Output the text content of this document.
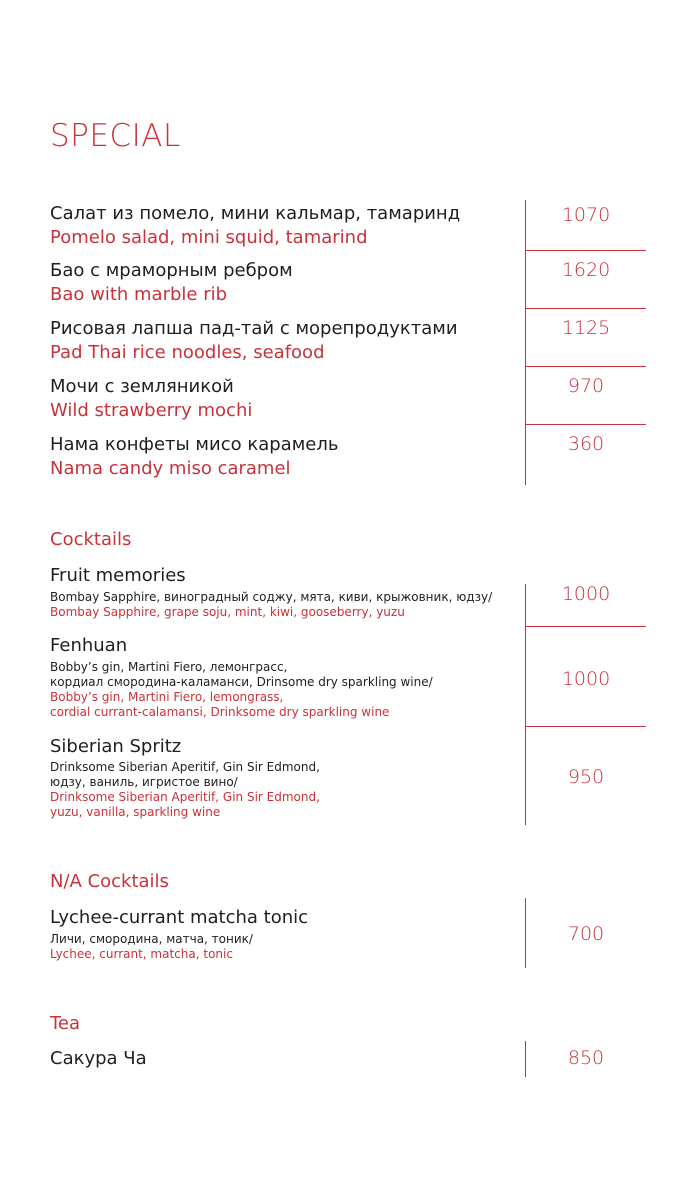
SPECIAL
Салат из помело, мини кальмар, тамаринд
Pomelo salad, mini squid, tamarind
1070
Бао с мраморным ребром
Bao with marble rib
1620
Рисовая лапша пад-тай с морепродуктами
Pad Thai rice noodles, seafood
1125
Мочи с земляникой
Wild strawberry mochi
970
Нама конфеты мисо карамель
Nama candy miso caramel
360
Cocktails
Fruit memories
Bombay Sapphire, виноградный соджу, мята, киви, крыжовник, юдзу/
Bombay Sapphire, grape soju, mint, kiwi, gooseberry, yuzu
1000
Fenhuan
Bobby’s gin, Martini Fiero, лемонграсс,
кордиал смородина-каламанси, Drinsome dry sparkling wine/
Bobby’s gin, Martini Fiero, lemongrass,
cordial currant-calamansi, Drinksome dry sparkling wine
1000
Siberian Spritz
Drinksome Siberian Aperitif, Gin Sir Edmond,
юдзу, ваниль, игристое вино/
Drinksome Siberian Aperitif, Gin Sir Edmond,
yuzu, vanilla, sparkling wine
950
N/A Cocktails
Lychee-currant matcha tonic
Личи, смородина, матча, тоник/
Lychee, currant, matcha, tonic
700
Tea
Сакура Ча	850
